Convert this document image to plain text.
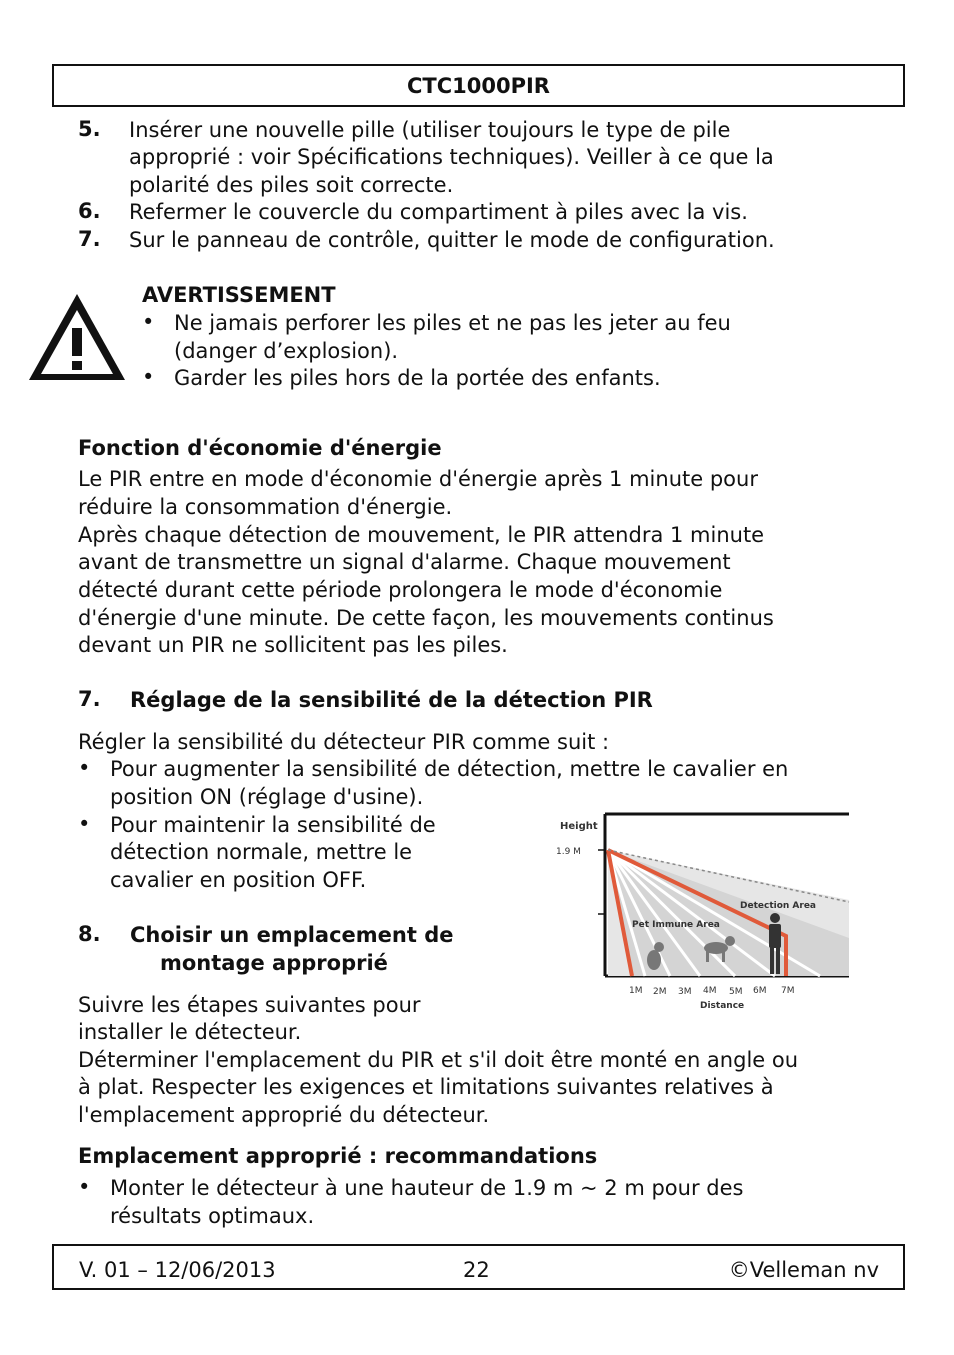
CTC1000PIR
5. Insérer une nouvelle pille (utiliser toujours le type de pile
approprié : voir Spécifications techniques). Veiller à ce que la
polarité des piles soit correcte.
6. Refermer le couvercle du compartiment à piles avec la vis.
7. Sur le panneau de contrôle, quitter le mode de configuration.
AVERTISSEMENT
• Ne jamais perforer les piles et ne pas les jeter au feu
(danger d’explosion).
• Garder les piles hors de la portée des enfants.
Fonction d'économie d'énergie
Le PIR entre en mode d'économie d'énergie après 1 minute pour
réduire la consommation d'énergie.
Après chaque détection de mouvement, le PIR attendra 1 minute
avant de transmettre un signal d'alarme. Chaque mouvement
détecté durant cette période prolongera le mode d'économie
d'énergie d'une minute. De cette façon, les mouvements continus
devant un PIR ne sollicitent pas les piles.
7. Réglage de la sensibilité de la détection PIR
Régler la sensibilité du détecteur PIR comme suit :
• Pour augmenter la sensibilité de détection, mettre le cavalier en
position ON (réglage d'usine).
• Pour maintenir la sensibilité de
détection normale, mettre le
cavalier en position OFF.
Height
1.9 M
Detection Area
Pet Immune Area
1M 2M 3M 4M 5M 6M 7M
Distance
8. Choisir un emplacement de
montage approprié
Suivre les étapes suivantes pour
installer le détecteur.
Déterminer l'emplacement du PIR et s'il doit être monté en angle ou
à plat. Respecter les exigences et limitations suivantes relatives à
l'emplacement approprié du détecteur.
Emplacement approprié : recommandations
• Monter le détecteur à une hauteur de 1.9 m ~ 2 m pour des
résultats optimaux.
V. 01 – 12/06/2013	22	©Velleman nv
